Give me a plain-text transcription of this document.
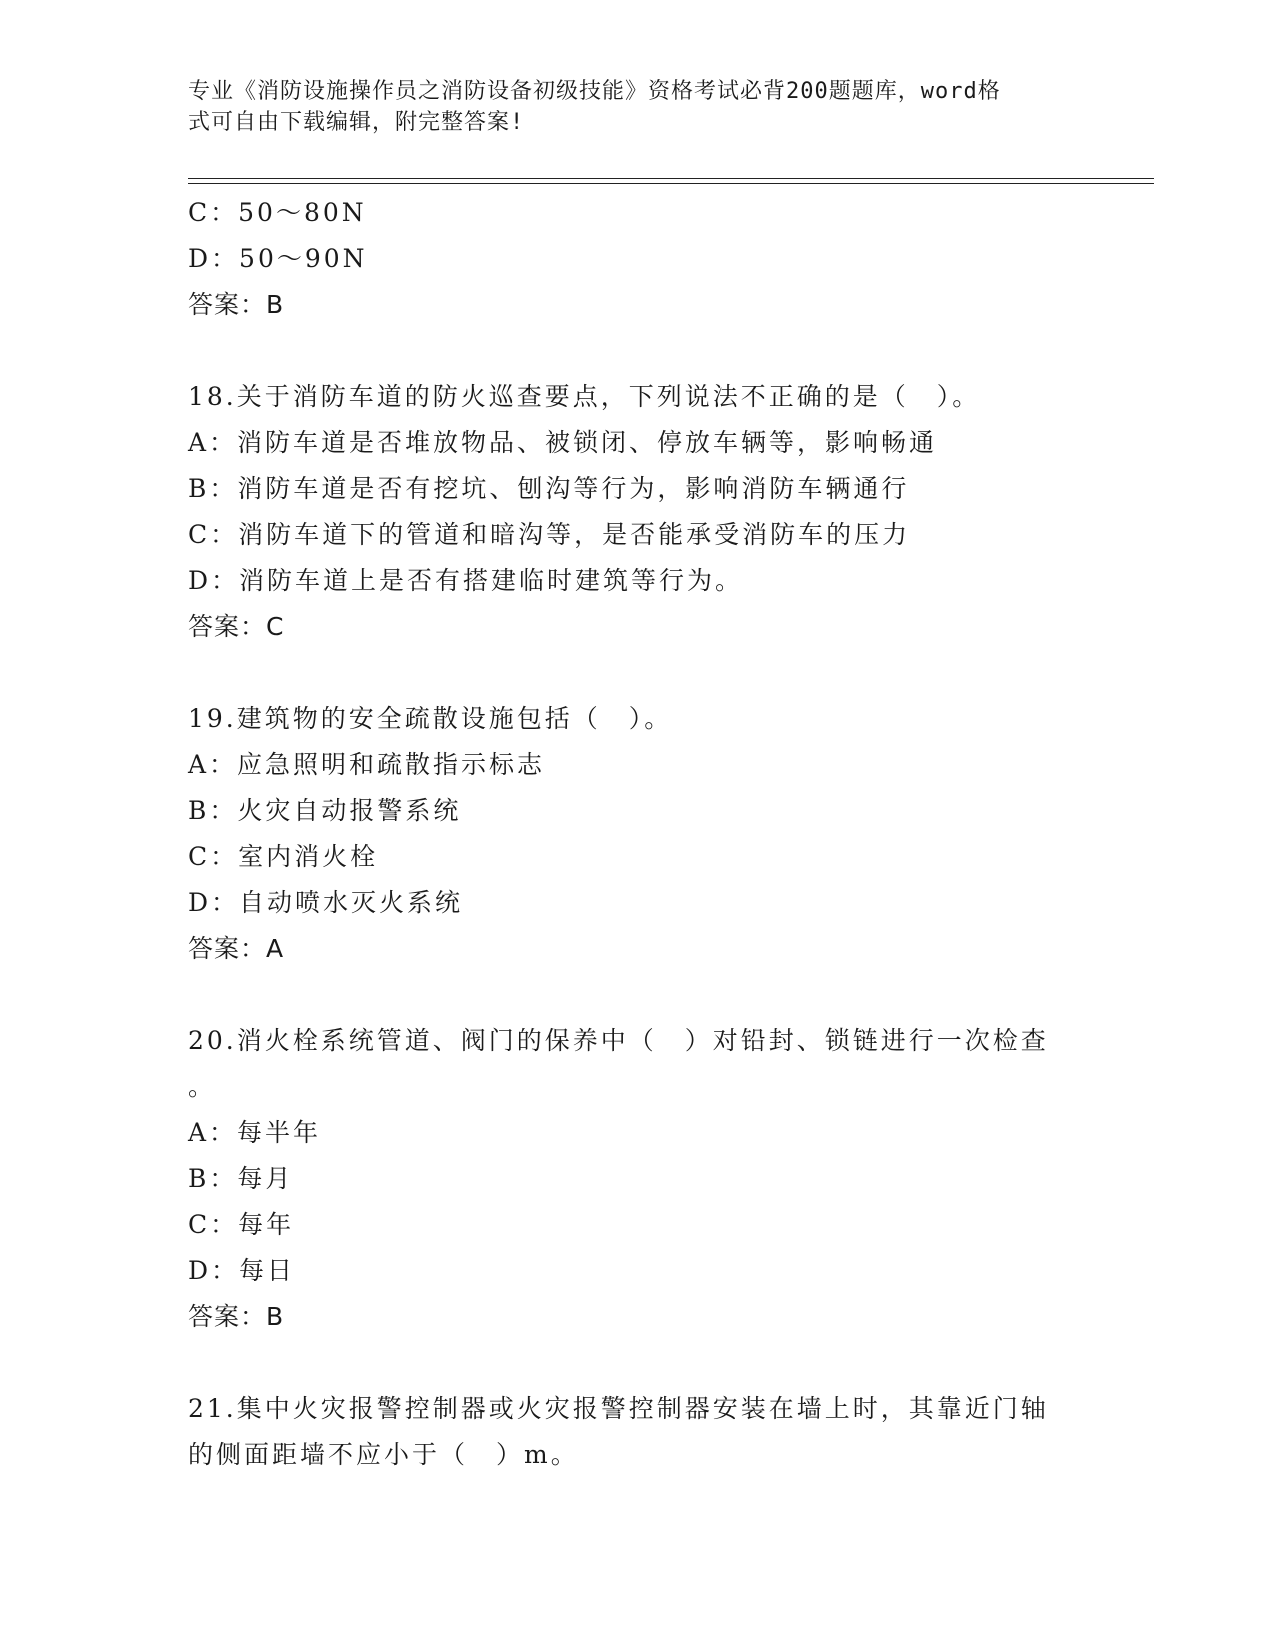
专业《消防设施操作员之消防设备初级技能》资格考试必背200题题库，word格
式可自由下载编辑，附完整答案!
C：50～80N
D：50～90N
答案：B
18.关于消防车道的防火巡查要点，下列说法不正确的是（　）。
A：消防车道是否堆放物品、被锁闭、停放车辆等，影响畅通
B：消防车道是否有挖坑、刨沟等行为，影响消防车辆通行
C：消防车道下的管道和暗沟等，是否能承受消防车的压力
D：消防车道上是否有搭建临时建筑等行为。
答案：C
19.建筑物的安全疏散设施包括（　）。
A：应急照明和疏散指示标志
B：火灾自动报警系统
C：室内消火栓
D：自动喷水灭火系统
答案：A
20.消火栓系统管道、阀门的保养中（　）对铅封、锁链进行一次检查
。
A：每半年
B：每月
C：每年
D：每日
答案：B
21.集中火灾报警控制器或火灾报警控制器安装在墙上时，其靠近门轴
的侧面距墙不应小于（　）m。
